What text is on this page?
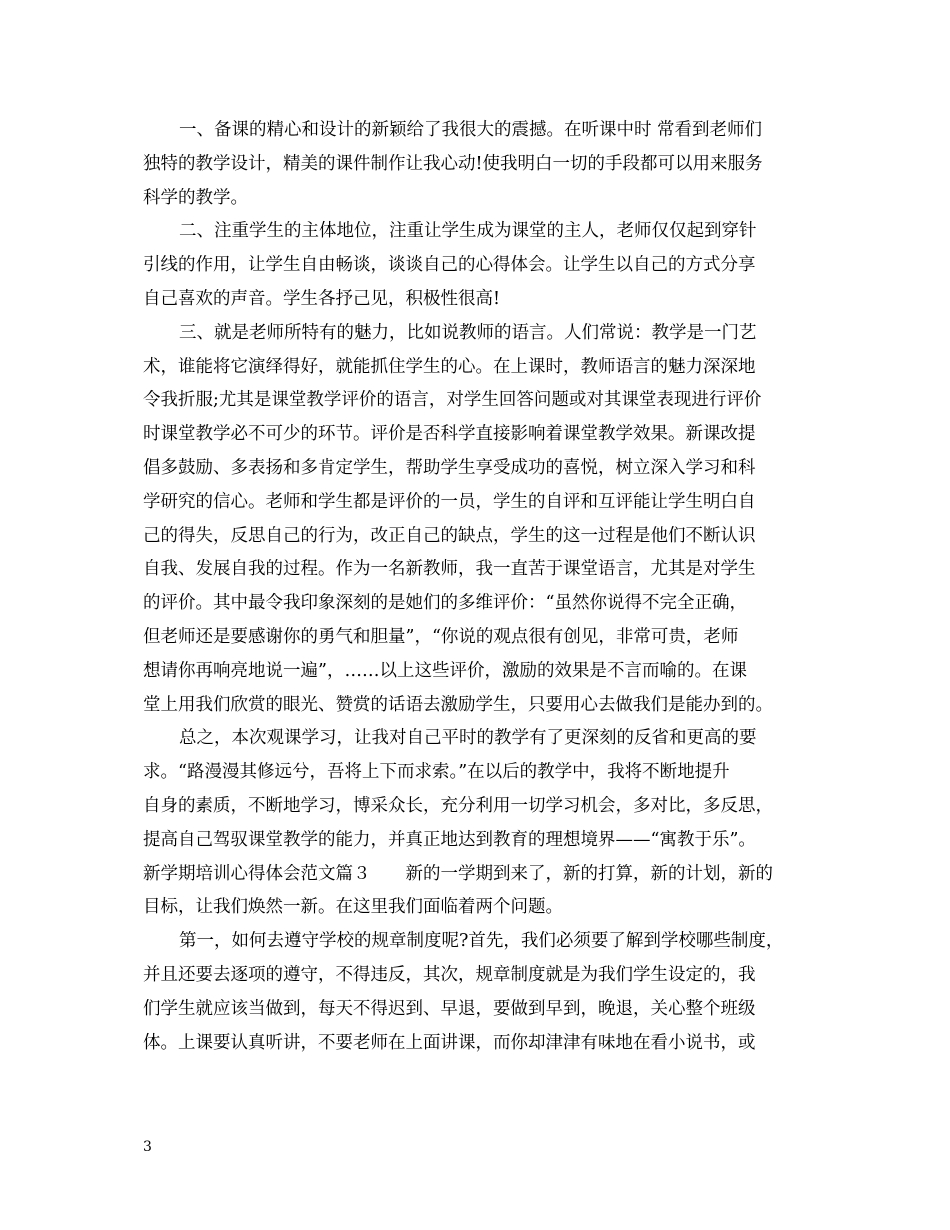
一、备课的精心和设计的新颖给了我很大的震撼。在听课中时 常看到老师们
独特的教学设计，精美的课件制作让我心动!使我明白一切的手段都可以用来服务
科学的教学。
二、注重学生的主体地位，注重让学生成为课堂的主人，老师仅仅起到穿针
引线的作用，让学生自由畅谈，谈谈自己的心得体会。让学生以自己的方式分享
自己喜欢的声音。学生各抒己见，积极性很高!
三、就是老师所特有的魅力，比如说教师的语言。人们常说：教学是一门艺
术，谁能将它演绎得好，就能抓住学生的心。在上课时，教师语言的魅力深深地
令我折服;尤其是课堂教学评价的语言，对学生回答问题或对其课堂表现进行评价
时课堂教学必不可少的环节。评价是否科学直接影响着课堂教学效果。新课改提
倡多鼓励、多表扬和多肯定学生，帮助学生享受成功的喜悦，树立深入学习和科
学研究的信心。老师和学生都是评价的一员，学生的自评和互评能让学生明白自
己的得失，反思自己的行为，改正自己的缺点，学生的这一过程是他们不断认识
自我、发展自我的过程。作为一名新教师，我一直苦于课堂语言，尤其是对学生
的评价。其中最令我印象深刻的是她们的多维评价：“虽然你说得不完全正确，
但老师还是要感谢你的勇气和胆量”，“你说的观点很有创见，非常可贵，老师
想请你再响亮地说一遍”，……以上这些评价，激励的效果是不言而喻的。在课
堂上用我们欣赏的眼光、赞赏的话语去激励学生，只要用心去做我们是能办到的。
总之，本次观课学习，让我对自己平时的教学有了更深刻的反省和更高的要
求。“路漫漫其修远兮，吾将上下而求索。”在以后的教学中，我将不断地提升
自身的素质，不断地学习，博采众长，充分利用一切学习机会，多对比，多反思，
提高自己驾驭课堂教学的能力，并真正地达到教育的理想境界——“寓教于乐”。
新学期培训心得体会范文篇３　　新的一学期到来了，新的打算，新的计划，新的
目标，让我们焕然一新。在这里我们面临着两个问题。
第一，如何去遵守学校的规章制度呢?首先，我们必须要了解到学校哪些制度，
并且还要去逐项的遵守，不得违反，其次，规章制度就是为我们学生设定的，我
们学生就应该当做到，每天不得迟到、早退，要做到早到，晚退，关心整个班级
体。上课要认真听讲，不要老师在上面讲课，而你却津津有味地在看小说书，或
3
